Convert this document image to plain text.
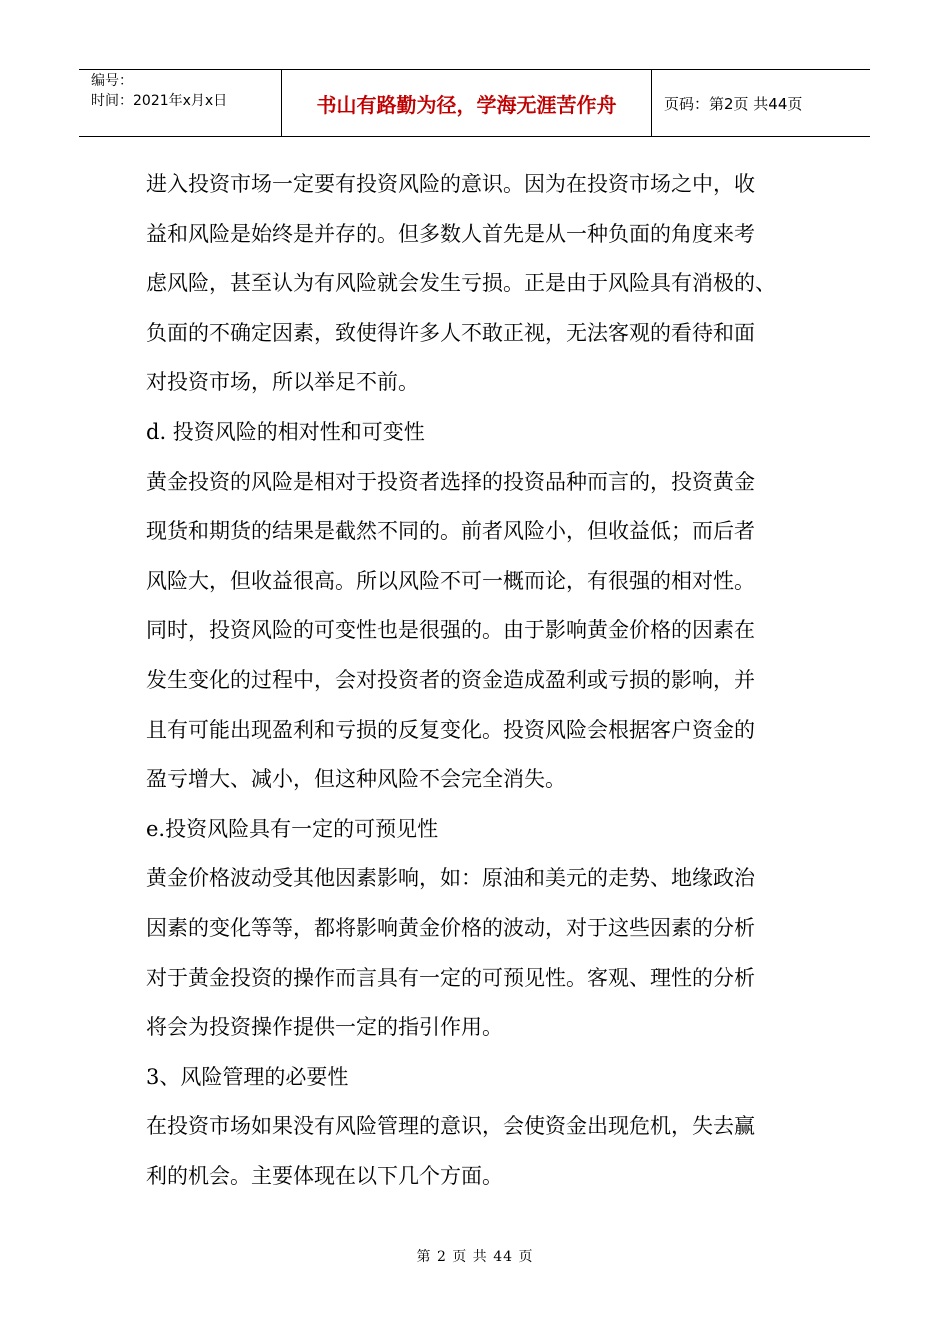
编号：
时间：2021年x月x日	书山有路勤为径，学海无涯苦作舟	页码：第2页 共44页

进入投资市场一定要有投资风险的意识。因为在投资市场之中，收

益和风险是始终是并存的。但多数人首先是从一种负面的角度来考

虑风险，甚至认为有风险就会发生亏损。正是由于风险具有消极的、

负面的不确定因素，致使得许多人不敢正视，无法客观的看待和面

对投资市场，所以举足不前。

d. 投资风险的相对性和可变性

黄金投资的风险是相对于投资者选择的投资品种而言的，投资黄金

现货和期货的结果是截然不同的。前者风险小，但收益低；而后者

风险大，但收益很高。所以风险不可一概而论，有很强的相对性。

同时，投资风险的可变性也是很强的。由于影响黄金价格的因素在

发生变化的过程中，会对投资者的资金造成盈利或亏损的影响，并

且有可能出现盈利和亏损的反复变化。投资风险会根据客户资金的

盈亏增大、减小，但这种风险不会完全消失。

e.投资风险具有一定的可预见性

黄金价格波动受其他因素影响，如：原油和美元的走势、地缘政治

因素的变化等等，都将影响黄金价格的波动，对于这些因素的分析

对于黄金投资的操作而言具有一定的可预见性。客观、理性的分析

将会为投资操作提供一定的指引作用。

3、风险管理的必要性

在投资市场如果没有风险管理的意识，会使资金出现危机，失去赢

利的机会。主要体现在以下几个方面。

第 2 页 共 44 页
